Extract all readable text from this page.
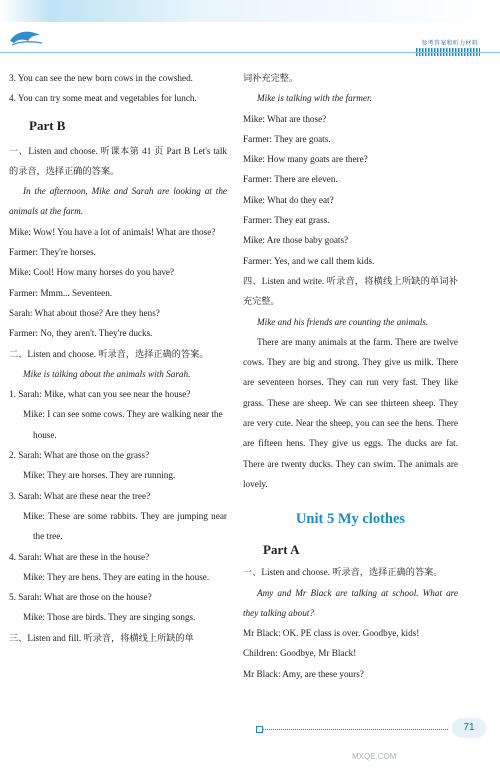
参考答案和听力材料

3. You can see the new born cows in the cowshed.

4. You can try some meat and vegetables for lunch.

Part B

一、Listen and choose. 听课本第 41 页 Part B Let's talk 的录音，选择正确的答案。

In the afternoon, Mike and Sarah are looking at the animals at the farm.

Mike: Wow! You have a lot of animals! What are those?

Farmer: They're horses.

Mike: Cool! How many horses do you have?

Farmer: Mmm... Seventeen.

Sarah: What about those? Are they hens?

Farmer: No, they aren't. They're ducks.

二、Listen and choose. 听录音，选择正确的答案。

Mike is talking about the animals with Sarah.

1. Sarah: Mike, what can you see near the house?

Mike: I can see some cows. They are walking near the house.

2. Sarah: What are those on the grass?

Mike: They are horses. They are running.

3. Sarah: What are these near the tree?

Mike: These are some rabbits. They are jumping near the tree.

4. Sarah: What are these in the house?

Mike: They are hens. They are eating in the house.

5. Sarah: What are those on the house?

Mike: Those are birds. They are singing songs.

三、Listen and fill. 听录音，将横线上所缺的单

词补充完整。

Mike is talking with the farmer.

Mike: What are those?

Farmer: They are goats.

Mike: How many goats are there?

Farmer: There are eleven.

Mike: What do they eat?

Farmer: They eat grass.

Mike: Are those baby goats?

Farmer: Yes, and we call them kids.

四、Listen and write. 听录音，将横线上所缺的单词补充完整。

Mike and his friends are counting the animals.

There are many animals at the farm. There are twelve cows. They are big and strong. They give us milk. There are seventeen horses. They can run very fast. They like grass. These are sheep. We can see thirteen sheep. They are very cute. Near the sheep, you can see the hens. There are fifteen hens. They give us eggs. The ducks are fat. There are twenty ducks. They can swim. The animals are lovely.

Unit 5 My clothes
Part A

一、Listen and choose. 听录音，选择正确的答案。

Amy and Mr Black are talking at school. What are they talking about?

Mr Black: OK. PE class is over. Goodbye, kids!

Children: Goodbye, Mr Black!

Mr Black: Amy, are these yours?

71
MXQE.COM
